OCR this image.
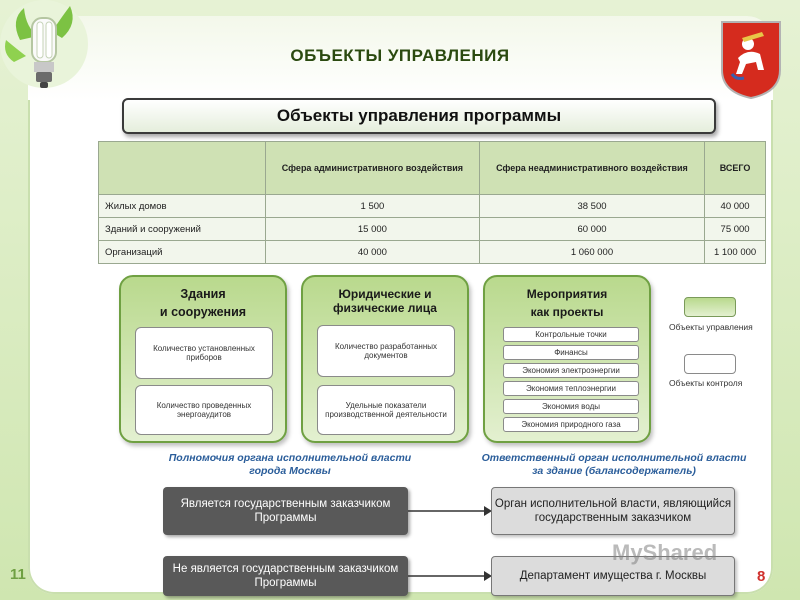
ОБЪЕКТЫ УПРАВЛЕНИЯ
Объекты управления программы
	Сфера административного воздействия	Сфера неадминистративного воздействия	ВСЕГО
Жилых домов	1 500	38 500	40 000
Зданий и сооружений	15 000	60 000	75 000
Организаций	40 000	1 060 000	1 100 000
Здания
и сооружения
Количество установленных приборов
Количество проведенных энергоаудитов
Юридические и
физические лица
Количество разработанных документов
Удельные показатели производственной деятельности
Мероприятия
как проекты
Контрольные точки
Финансы
Экономия электроэнергии
Экономия теплоэнергии
Экономия воды
Экономия природного газа
Объекты управления
Объекты контроля
Полномочия органа исполнительной власти города Москвы
Ответственный орган исполнительной власти за здание (балансодержатель)
Является государственным заказчиком Программы
Орган исполнительной власти, являющийся государственным заказчиком
Не является государственным заказчиком Программы
Департамент имущества г. Москвы
MyShared
11	8
